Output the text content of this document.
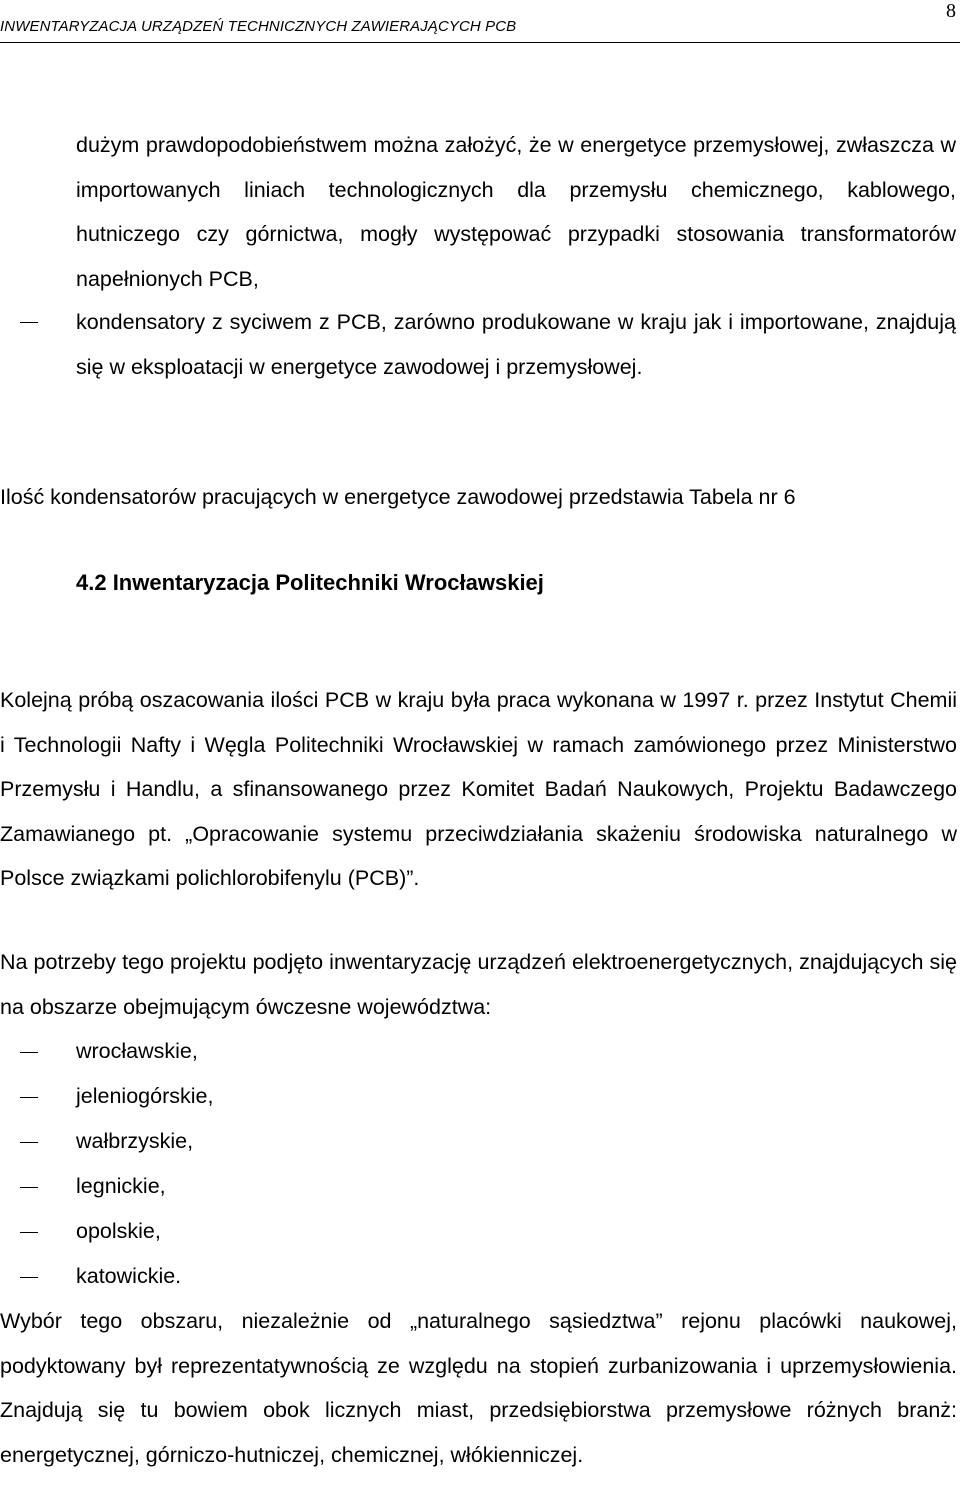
INWENTARYZACJA URZĄDZEŃ TECHNICZNYCH ZAWIERAJĄCYCH PCB
8
dużym prawdopodobieństwem można założyć, że w energetyce przemysłowej, zwłaszcza w importowanych liniach technologicznych dla przemysłu chemicznego, kablowego, hutniczego czy górnictwa, mogły występować przypadki stosowania transformatorów napełnionych PCB,
kondensatory z syciwem z PCB, zarówno produkowane w kraju jak i importowane, znajdują się w eksploatacji w energetyce zawodowej i przemysłowej.
Ilość kondensatorów pracujących w energetyce zawodowej przedstawia Tabela nr 6
4.2 Inwentaryzacja Politechniki Wrocławskiej
Kolejną próbą oszacowania ilości PCB w kraju była praca wykonana w 1997 r. przez Instytut Chemii i Technologii Nafty i Węgla Politechniki Wrocławskiej w ramach zamówionego przez Ministerstwo Przemysłu i Handlu, a sfinansowanego przez Komitet Badań Naukowych, Projektu Badawczego Zamawianego pt. „Opracowanie systemu przeciwdziałania skażeniu środowiska naturalnego w Polsce związkami polichlorobifenylu (PCB)”.
Na potrzeby tego projektu podjęto inwentaryzację urządzeń elektroenergetycznych, znajdujących się na obszarze obejmującym ówczesne województwa:
wrocławskie,
jeleniogórskie,
wałbrzyskie,
legnickie,
opolskie,
katowickie.
Wybór tego obszaru, niezależnie od „naturalnego sąsiedztwa” rejonu placówki naukowej, podyktowany był reprezentatywnością ze względu na stopień zurbanizowania i uprzemysłowienia. Znajdują się tu bowiem obok licznych miast, przedsiębiorstwa przemysłowe różnych branż: energetycznej, górniczo-hutniczej, chemicznej, włókienniczej.
